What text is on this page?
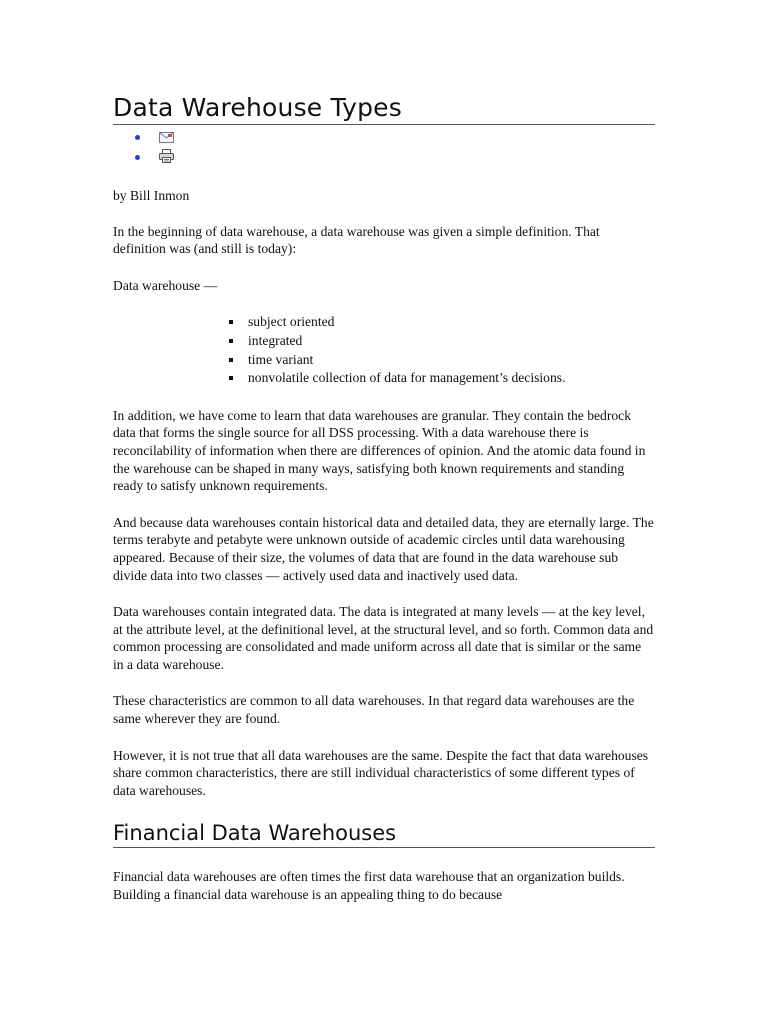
Data Warehouse Types

by Bill Inmon

In the beginning of data warehouse, a data warehouse was given a simple definition. That definition was (and still is today):

Data warehouse —

subject oriented
integrated
time variant
nonvolatile collection of data for management’s decisions.

In addition, we have come to learn that data warehouses are granular. They contain the bedrock data that forms the single source for all DSS processing. With a data warehouse there is reconcilability of information when there are differences of opinion. And the atomic data found in the warehouse can be shaped in many ways, satisfying both known requirements and standing ready to satisfy unknown requirements.

And because data warehouses contain historical data and detailed data, they are eternally large. The terms terabyte and petabyte were unknown outside of academic circles until data warehousing appeared. Because of their size, the volumes of data that are found in the data warehouse sub divide data into two classes — actively used data and inactively used data.

Data warehouses contain integrated data. The data is integrated at many levels — at the key level, at the attribute level, at the definitional level, at the structural level, and so forth. Common data and common processing are consolidated and made uniform across all date that is similar or the same in a data warehouse.

These characteristics are common to all data warehouses. In that regard data warehouses are the same wherever they are found.

However, it is not true that all data warehouses are the same. Despite the fact that data warehouses share common characteristics, there are still individual characteristics of some different types of data warehouses.

Financial Data Warehouses

Financial data warehouses are often times the first data warehouse that an organization builds. Building a financial data warehouse is an appealing thing to do because
